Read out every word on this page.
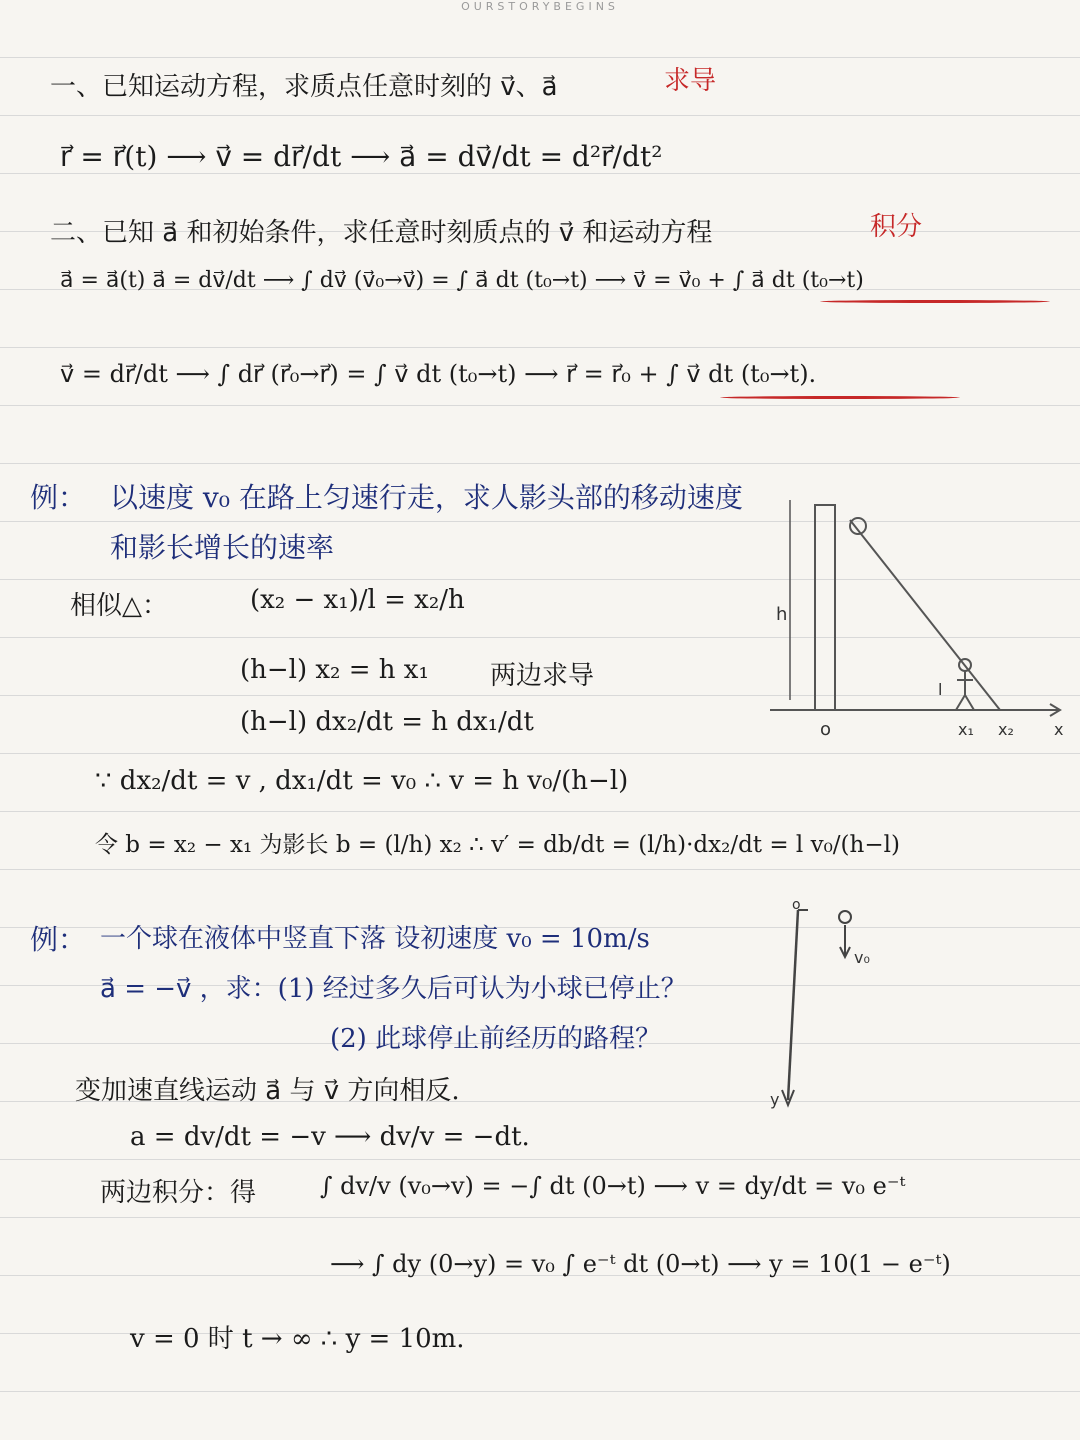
OURSTORYBEGINS
一、已知运动方程，求质点任意时刻的 v⃗、a⃗	求导
r⃗ = r⃗(t) ⟶ v⃗ = dr⃗/dt ⟶ a⃗ = dv⃗/dt = d²r⃗/dt²
二、已知 a⃗ 和初始条件，求任意时刻质点的 v⃗ 和运动方程	积分
a⃗ = a⃗(t) a⃗ = dv⃗/dt ⟶ ∫ dv⃗ (v⃗₀→v⃗) = ∫ a⃗ dt (t₀→t) ⟶ v⃗ = v⃗₀ + ∫ a⃗ dt (t₀→t)
v⃗ = dr⃗/dt ⟶ ∫ dr⃗ (r⃗₀→r⃗) = ∫ v⃗ dt (t₀→t) ⟶ r⃗ = r⃗₀ + ∫ v⃗ dt (t₀→t).
例： 以速度 v₀ 在路上匀速行走，求人影头部的移动速度
和影长增长的速率
相似△：	(x₂ − x₁)/l = x₂/h
(h−l) x₂ = h x₁ 两边求导
(h−l) dx₂/dt = h dx₁/dt
∵ dx₂/dt = v , dx₁/dt = v₀ ∴ v = h v₀/(h−l)
令 b = x₂ − x₁ 为影长 b = (l/h) x₂ ∴ v′ = db/dt = (l/h)·dx₂/dt = l v₀/(h−l)
h
l
o	x₁ x₂	x
例： 一个球在液体中竖直下落 设初速度 v₀ = 10m/s
a⃗ = −v⃗ ，求：(1) 经过多久后可认为小球已停止？
(2) 此球停止前经历的路程？
变加速直线运动 a⃗ 与 v⃗ 方向相反.
a = dv/dt = −v ⟶ dv/v = −dt.
两边积分：得	∫ dv/v (v₀→v) = −∫ dt (0→t) ⟶ v = dy/dt = v₀ e⁻ᵗ
⟶ ∫ dy (0→y) = v₀ ∫ e⁻ᵗ dt (0→t) ⟶ y = 10(1 − e⁻ᵗ)
v = 0 时 t → ∞ ∴ y = 10m.
o
v₀
y
